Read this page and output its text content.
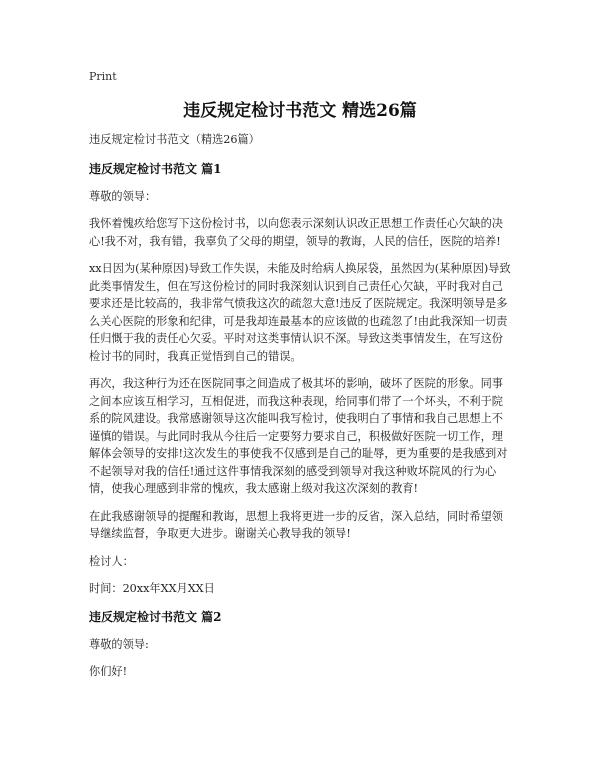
Print
违反规定检讨书范文 精选26篇

违反规定检讨书范文（精选26篇）

违反规定检讨书范文 篇1

尊敬的领导：

我怀着愧疚给您写下这份检讨书，以向您表示深刻认识改正思想工作责任心欠缺的决心!我不对，我有错，我辜负了父母的期望，领导的教诲，人民的信任，医院的培养!

xx日因为(某种原因)导致工作失误，未能及时给病人换尿袋，虽然因为(某种原因)导致此类事情发生，但在写这份检讨的同时我深刻认识到自己责任心欠缺，平时我对自己要求还是比较高的，我非常气愤我这次的疏忽大意!违反了医院规定。我深明领导是多么关心医院的形象和纪律，可是我却连最基本的应该做的也疏忽了!由此我深知一切责任归慨于我的责任心欠妥。平时对这类事情认识不深。导致这类事情发生，在写这份检讨书的同时，我真正觉悟到自己的错误。

再次，我这种行为还在医院同事之间造成了极其坏的影响，破坏了医院的形象。同事之间本应该互相学习，互相促进，而我这种表现，给同事们带了一个坏头，不利于院系的院风建设。我常感谢领导这次能叫我写检讨，使我明白了事情和我自己思想上不谨慎的错误。与此同时我从今往后一定要努力要求自己，积极做好医院一切工作，理解体会领导的安排!这次发生的事使我不仅感到是自己的耻辱，更为重要的是我感到对不起领导对我的信任!通过这件事情我深刻的感受到领导对我这种败坏院风的行为心情，使我心理感到非常的愧疚，我太感谢上级对我这次深刻的教育!

在此我感谢领导的提醒和教诲，思想上我将更进一步的反省，深入总结，同时希望领导继续监督，争取更大进步。谢谢关心教导我的领导!

检讨人：

时间：20xx年XX月XX日

违反规定检讨书范文 篇2

尊敬的领导:

你们好!
